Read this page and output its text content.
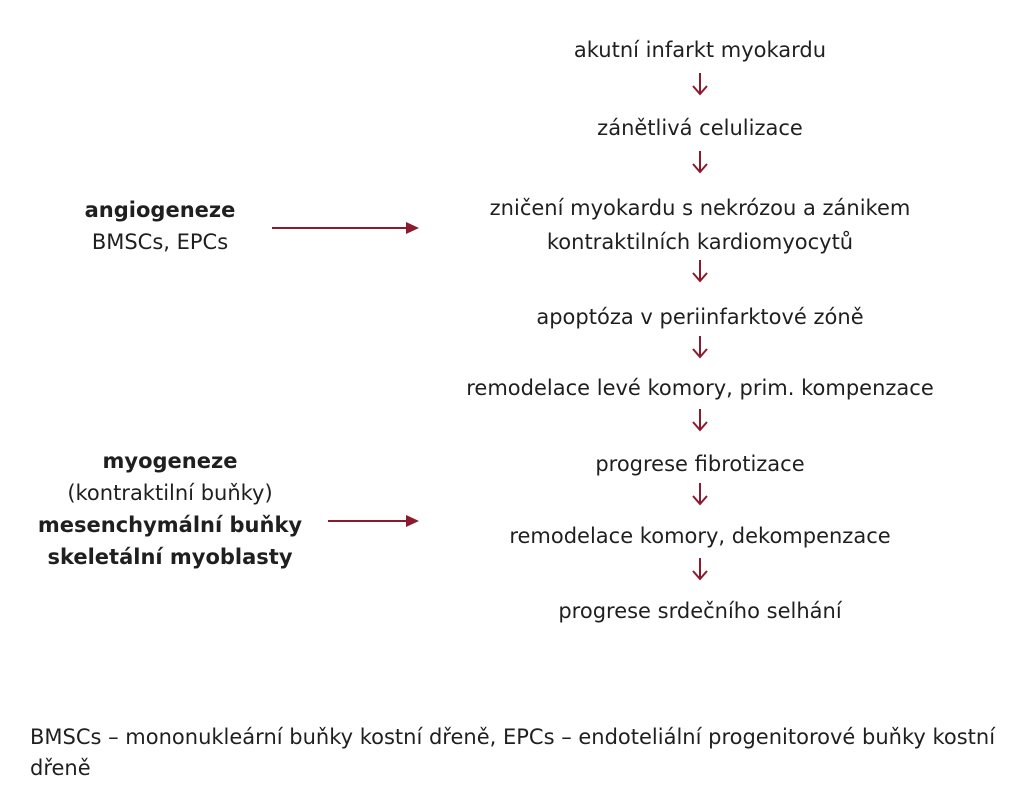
akutní infarkt myokardu
zánětlivá celulizace
zničení myokardu s nekrózou a zánikem
kontraktilních kardiomyocytů
apoptóza v periinfarktové zóně
remodelace levé komory, prim. kompenzace
progrese fibrotizace
remodelace komory, dekompenzace
progrese srdečního selhání
angiogeneze
BMSCs, EPCs
myogeneze
(kontraktilní buňky)
mesenchymální buňky
skeletální myoblasty
BMSCs – mononukleární buňky kostní dřeně, EPCs – endoteliální progenitorové buňky kostní dřeně
